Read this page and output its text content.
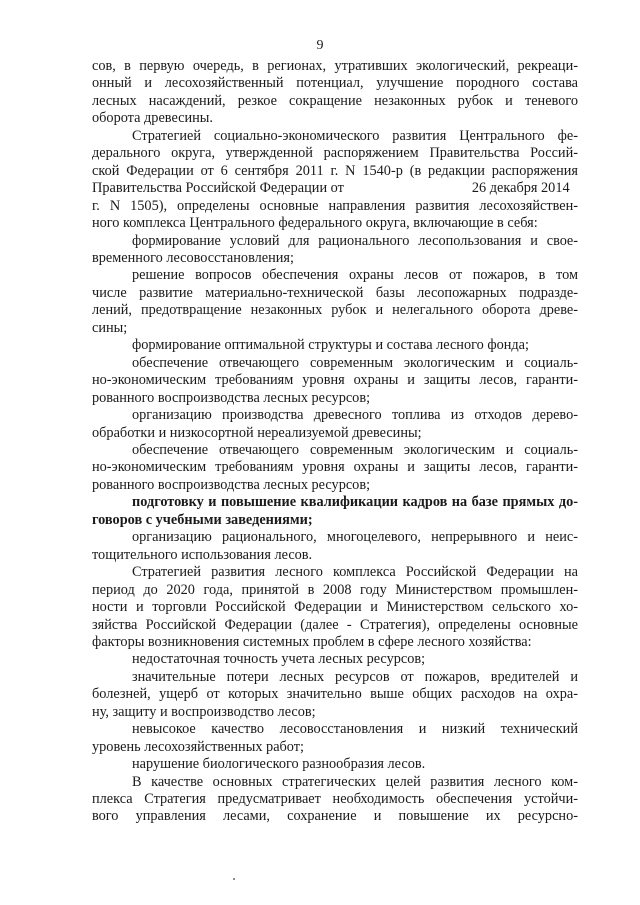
9
сов, в первую очередь, в регионах, утративших экологический, рекреаци-
онный и лесохозяйственный потенциал, улучшение породного состава
лесных насаждений, резкое сокращение незаконных рубок и теневого
оборота древесины.
Стратегией социально-экономического развития Центрального фе-
дерального округа, утвержденной распоряжением Правительства Россий-
ской Федерации от 6 сентября 2011 г. N 1540-р (в редакции распоряжения
Правительства Российской Федерации от	26 декабря 2014
г. N 1505), определены основные направления развития лесохозяйствен-
ного комплекса Центрального федерального округа, включающие в себя:
формирование условий для рационального лесопользования и своe-
временного лесовосстановления;
решение вопросов обеспечения охраны лесов от пожаров, в том
числе развитие материально-технической базы лесопожарных подразде-
лений, предотвращение незаконных рубок и нелегального оборота древе-
сины;
формирование оптимальной структуры и состава лесного фонда;
обеспечение отвечающего современным экологическим и социаль-
но-экономическим требованиям уровня охраны и защиты лесов, гаранти-
рованного воспроизводства лесных ресурсов;
организацию производства древесного топлива из отходов дерево-
обработки и низкосортной нереализуемой древесины;
обеспечение отвечающего современным экологическим и социаль-
но-экономическим требованиям уровня охраны и защиты лесов, гаранти-
рованного воспроизводства лесных ресурсов;
подготовку и повышение квалификации кадров на базе прямых до-
говоров с учебными заведениями;
организацию рационального, многоцелевого, непрерывного и неис-
тощительного использования лесов.
Стратегией развития лесного комплекса Российской Федерации на
период до 2020 года, принятой в 2008 году Министерством промышлен-
ности и торговли Российской Федерации и Министерством сельского хо-
зяйства Российской Федерации (далее - Стратегия), определены основные
факторы возникновения системных проблем в сфере лесного хозяйства:
недостаточная точность учета лесных ресурсов;
значительные потери лесных ресурсов от пожаров, вредителей и
болезней, ущерб от которых значительно выше общих расходов на охра-
ну, защиту и воспроизводство лесов;
невысокое качество лесовосстановления и низкий технический
уровень лесохозяйственных работ;
нарушение биологического разнообразия лесов.
В качестве основных стратегических целей развития лесного ком-
плекса Стратегия предусматривает необходимость обеспечения устойчи-
вого управления лесами, сохранение и повышение их ресурсно-
